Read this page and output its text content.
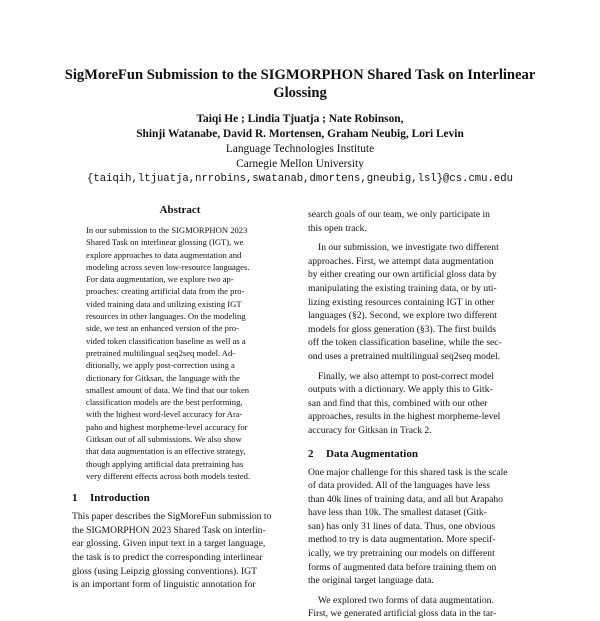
SigMoreFun Submission to the SIGMORPHON Shared Task on Interlinear
Glossing
Taiqi He ; Lindia Tjuatja ; Nate Robinson,
Shinji Watanabe, David R. Mortensen, Graham Neubig, Lori Levin
Language Technologies Institute
Carnegie Mellon University
{taiqih,ltjuatja,nrrobins,swatanab,dmortens,gneubig,lsl}@cs.cmu.edu
Abstract

In our submission to the SIGMORPHON 2023

Shared Task on interlinear glossing (IGT), we

explore approaches to data augmentation and

modeling across seven low-resource languages.

For data augmentation, we explore two ap-

proaches: creating artificial data from the pro-

vided training data and utilizing existing IGT

resources in other languages. On the modeling

side, we test an enhanced version of the pro-

vided token classification baseline as well as a

pretrained multilingual seq2seq model. Ad-

ditionally, we apply post-correction using a

dictionary for Gitksan, the language with the

smallest amount of data. We find that our token

classification models are the best performing,

with the highest word-level accuracy for Ara-

paho and highest morpheme-level accuracy for

Gitksan out of all submissions. We also show

that data augmentation is an effective strategy,

though applying artificial data pretraining has

very different effects across both models tested.

1 Introduction

This paper describes the SigMoreFun submission to

the SIGMORPHON 2023 Shared Task on interlin-

ear glossing. Given input text in a target language,

the task is to predict the corresponding interlinear

gloss (using Leipzig glossing conventions). IGT

is an important form of linguistic annotation for

search goals of our team, we only participate in

this open track.

In our submission, we investigate two different

approaches. First, we attempt data augmentation

by either creating our own artificial gloss data by

manipulating the existing training data, or by uti-

lizing existing resources containing IGT in other

languages (§2). Second, we explore two different

models for gloss generation (§3). The first builds

off the token classification baseline, while the sec-

ond uses a pretrained multilingual seq2seq model.

Finally, we also attempt to post-correct model

outputs with a dictionary. We apply this to Gitk-

san and find that this, combined with our other

approaches, results in the highest morpheme-level

accuracy for Gitksan in Track 2.

2 Data Augmentation

One major challenge for this shared task is the scale

of data provided. All of the languages have less

than 40k lines of training data, and all but Arapaho

have less than 10k. The smallest dataset (Gitk-

san) has only 31 lines of data. Thus, one obvious

method to try is data augmentation. More specif-

ically, we try pretraining our models on different

forms of augmented data before training them on

the original target language data.

We explored two forms of data augmentation.

First, we generated artificial gloss data in the tar-
